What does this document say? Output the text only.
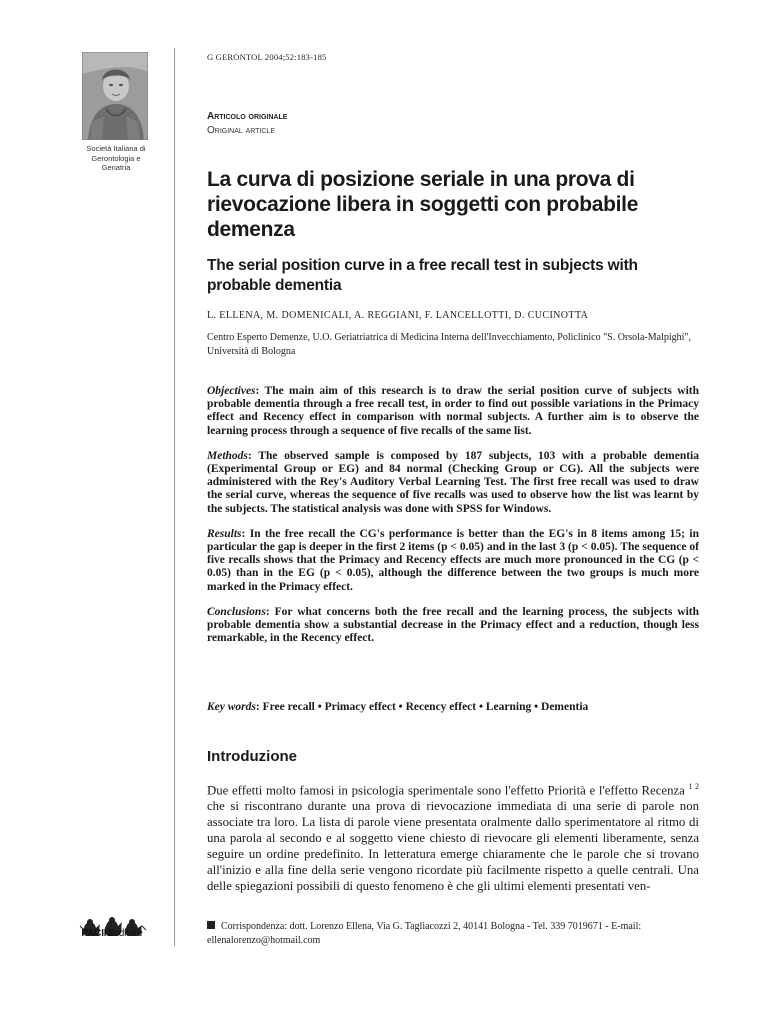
Società Italiana di Gerontologia e Geriatria
PACINIeditore
G GERONTOL 2004;52:183-185
Articolo originale
Original article
La curva di posizione seriale in una prova di rievocazione libera in soggetti con probabile demenza
The serial position curve in a free recall test in subjects with probable dementia
L. ELLENA, M. DOMENICALI, A. REGGIANI, F. LANCELLOTTI, D. CUCINOTTA
Centro Esperto Demenze, U.O. Geriatriatrica di Medicina Interna dell'Invecchiamento, Policlinico "S. Orsola-Malpighi", Università di Bologna

Objectives: The main aim of this research is to draw the serial position curve of subjects with probable dementia through a free recall test, in order to find out possible variations in the Primacy effect and Recency effect in comparison with normal subjects. A further aim is to observe the learning process through a sequence of five recalls of the same list.

Methods: The observed sample is composed by 187 subjects, 103 with a probable dementia (Experimental Group or EG) and 84 normal (Checking Group or CG). All the subjects were administered with the Rey's Auditory Verbal Learning Test. The first free recall was used to draw the serial curve, whereas the sequence of five recalls was used to observe how the list was learnt by the subjects. The statistical analysis was done with SPSS for Windows.

Results: In the free recall the CG's performance is better than the EG's in 8 items among 15; in particular the gap is deeper in the first 2 items (p < 0.05) and in the last 3 (p < 0.05). The sequence of five recalls shows that the Primacy and Recency effects are much more pronounced in the CG (p < 0.05) than in the EG (p < 0.05), although the difference between the two groups is much more marked in the Primacy effect.

Conclusions: For what concerns both the free recall and the learning process, the subjects with probable dementia show a substantial decrease in the Primacy effect and a reduction, though less remarkable, in the Recency effect.

Key words: Free recall • Primacy effect • Recency effect • Learning • Dementia
Introduzione
Due effetti molto famosi in psicologia sperimentale sono l'effetto Priorità e l'effetto Recenza $^{1 2}$ che si riscontrano durante una prova di rievocazione immediata di una serie di parole non associate tra loro. La lista di parole viene presentata oralmente dallo sperimentatore al ritmo di una parola al secondo e al soggetto viene chiesto di rievocare gli elementi liberamente, senza seguire un ordine predefinito. In letteratura emerge chiaramente che le parole che si trovano all'inizio e alla fine della serie vengono ricordate più facilmente rispetto a quelle centrali. Una delle spiegazioni possibili di questo fenomeno è che gli ultimi elementi presentati ven-
Corrispondenza: dott. Lorenzo Ellena, Via G. Tagliacozzi 2, 40141 Bologna - Tel. 339 7019671 - E-mail: ellenalorenzo@hotmail.com
